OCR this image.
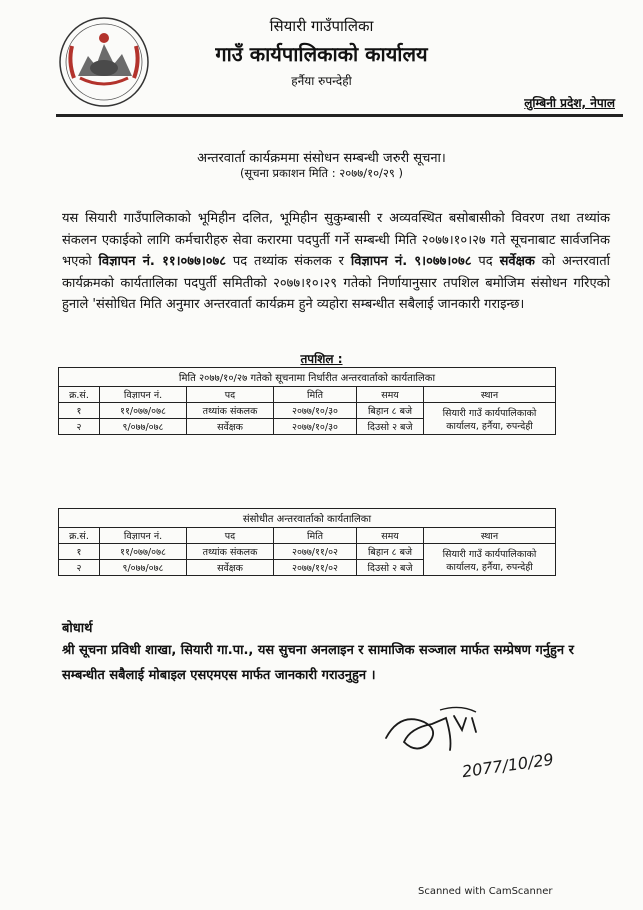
सियारी गाउँपालिका
गाउँ कार्यपालिकाको कार्यालय
हर्नैया रुपन्देही
लुम्बिनी प्रदेश, नेपाल
अन्तरवार्ता कार्यक्रममा संसोधन सम्बन्धी जरुरी सूचना।
(सूचना प्रकाशन मिति : २०७७/१०/२९ )
यस सियारी गाउँपालिकाको भूमिहीन दलित, भूमिहीन सुकुम्बासी र अव्यवस्थित बसोबासीको विवरण तथा तथ्यांक संकलन एकाईको लागि कर्मचारीहरु सेवा करारमा पदपुर्ती गर्ने सम्बन्धी मिति २०७७।१०।२७ गते सूचनाबाट सार्वजनिक भएको विज्ञापन नं. ११।०७७।०७८ पद तथ्यांक संकलक र विज्ञापन नं. ९।०७७।०७८ पद सर्वेक्षक को अन्तरवार्ता कार्यक्रमको कार्यतालिका पदपुर्ती समितीको २०७७।१०।२९ गतेको निर्णायानुसार तपशिल बमोजिम संसोधन गरिएको हुनाले 'संसोधित मिति अनुमार अन्तरवार्ता कार्यक्रम हुने व्यहोरा सम्बन्धीत सबैलाई जानकारी गराइन्छ।
तपशिल :
मिति २०७७/१०/२७ गतेको सूचनामा निर्धारीत अन्तरवार्ताको कार्यतालिका					
क्र.सं.	विज्ञापन नं.	पद	मिति	समय	स्थान
१	११/०७७/०७८	तथ्यांक संकलक	२०७७/१०/३०	बिहान ८ बजे	सियारी गाउँ कार्यपालिकाको कार्यालय, हर्नैया, रुपन्देही
२	९/०७७/०७८	सर्वेक्षक	२०७७/१०/३०	दिउसो २ बजे	
संसोधीत अन्तरवार्ताको कार्यतालिका					
क्र.सं.	विज्ञापन नं.	पद	मिति	समय	स्थान
१	११/०७७/०७८	तथ्यांक संकलक	२०७७/११/०२	बिहान ८ बजे	सियारी गाउँ कार्यपालिकाको कार्यालय, हर्नैया, रुपन्देही
२	९/०७७/०७८	सर्वेक्षक	२०७७/११/०२	दिउसो २ बजे	
बोधार्थ
श्री सूचना प्रविधी शाखा, सियारी गा.पा., यस सुचना अनलाइन र सामाजिक सञ्जाल मार्फत सम्प्रेषण गर्नुहुन र सम्बन्धीत सबैलाई मोबाइल एसएमएस मार्फत जानकारी गराउनुहुन ।
2077/10/29
Scanned with CamScanner
